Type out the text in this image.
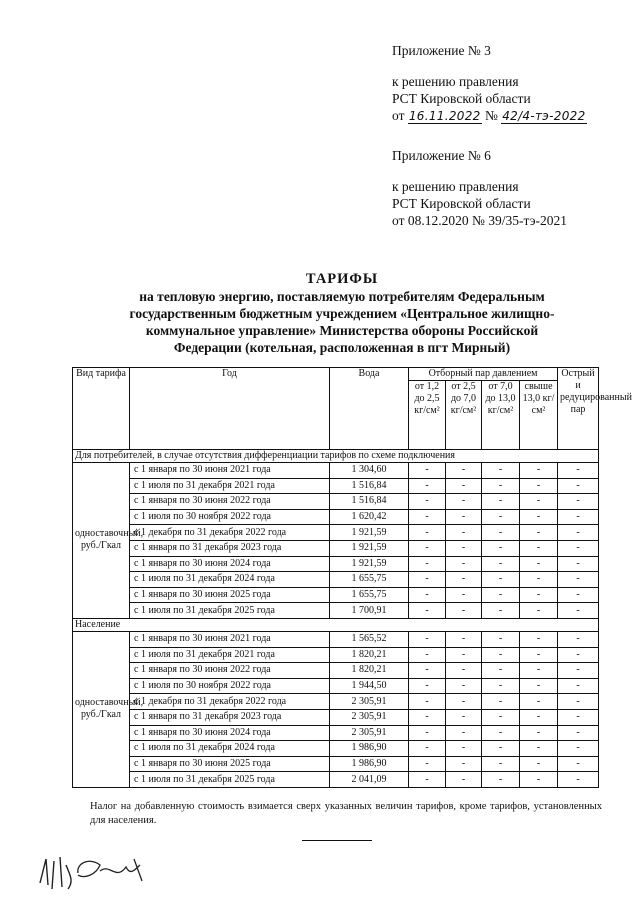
Приложение № 3
к решению правления
РСТ Кировской области
от 16.11.2022 № 42/4-тэ-2022
Приложение № 6
к решению правления
РСТ Кировской области
от 08.12.2020 № 39/35-тэ-2021
ТАРИФЫ
на тепловую энергию, поставляемую потребителям Федеральным
государственным бюджетным учреждением «Центральное жилищно-
коммунальное управление» Министерства обороны Российской
Федерации (котельная, расположенная в пгт Мирный)
Вид тарифа	Год	Вода	Отборный пар давлением				Острый и редуцированный пар
			от 1,2 до 2,5 кг/см²	от 2,5 до 7,0 кг/см²	от 7,0 до 13,0 кг/см²	свыше 13,0 кг/см²	
Для потребителей, в случае отсутствия дифференциации тарифов по схеме подключения							
одноставочный, руб./Гкал	с 1 января по 30 июня 2021 года	1 304,60	-	-	-	-	-
	с 1 июля по 31 декабря 2021 года	1 516,84	-	-	-	-	-
	с 1 января по 30 июня 2022 года	1 516,84	-	-	-	-	-
	с 1 июля по 30 ноября 2022 года	1 620,42	-	-	-	-	-
	с 1 декабря по 31 декабря 2022 года	1 921,59	-	-	-	-	-
	с 1 января по 31 декабря 2023 года	1 921,59	-	-	-	-	-
	с 1 января по 30 июня 2024 года	1 921,59	-	-	-	-	-
	с 1 июля по 31 декабря 2024 года	1 655,75	-	-	-	-	-
	с 1 января по 30 июня 2025 года	1 655,75	-	-	-	-	-
	с 1 июля по 31 декабря 2025 года	1 700,91	-	-	-	-	-
Население							
одноставочный, руб./Гкал	с 1 января по 30 июня 2021 года	1 565,52	-	-	-	-	-
	с 1 июля по 31 декабря 2021 года	1 820,21	-	-	-	-	-
	с 1 января по 30 июня 2022 года	1 820,21	-	-	-	-	-
	с 1 июля по 30 ноября 2022 года	1 944,50	-	-	-	-	-
	с 1 декабря по 31 декабря 2022 года	2 305,91	-	-	-	-	-
	с 1 января по 31 декабря 2023 года	2 305,91	-	-	-	-	-
	с 1 января по 30 июня 2024 года	2 305,91	-	-	-	-	-
	с 1 июля по 31 декабря 2024 года	1 986,90	-	-	-	-	-
	с 1 января по 30 июня 2025 года	1 986,90	-	-	-	-	-
	с 1 июля по 31 декабря 2025 года	2 041,09	-	-	-	-	-
Налог на добавленную стоимость взимается сверх указанных величин тарифов, кроме тарифов, установленных для населения.
